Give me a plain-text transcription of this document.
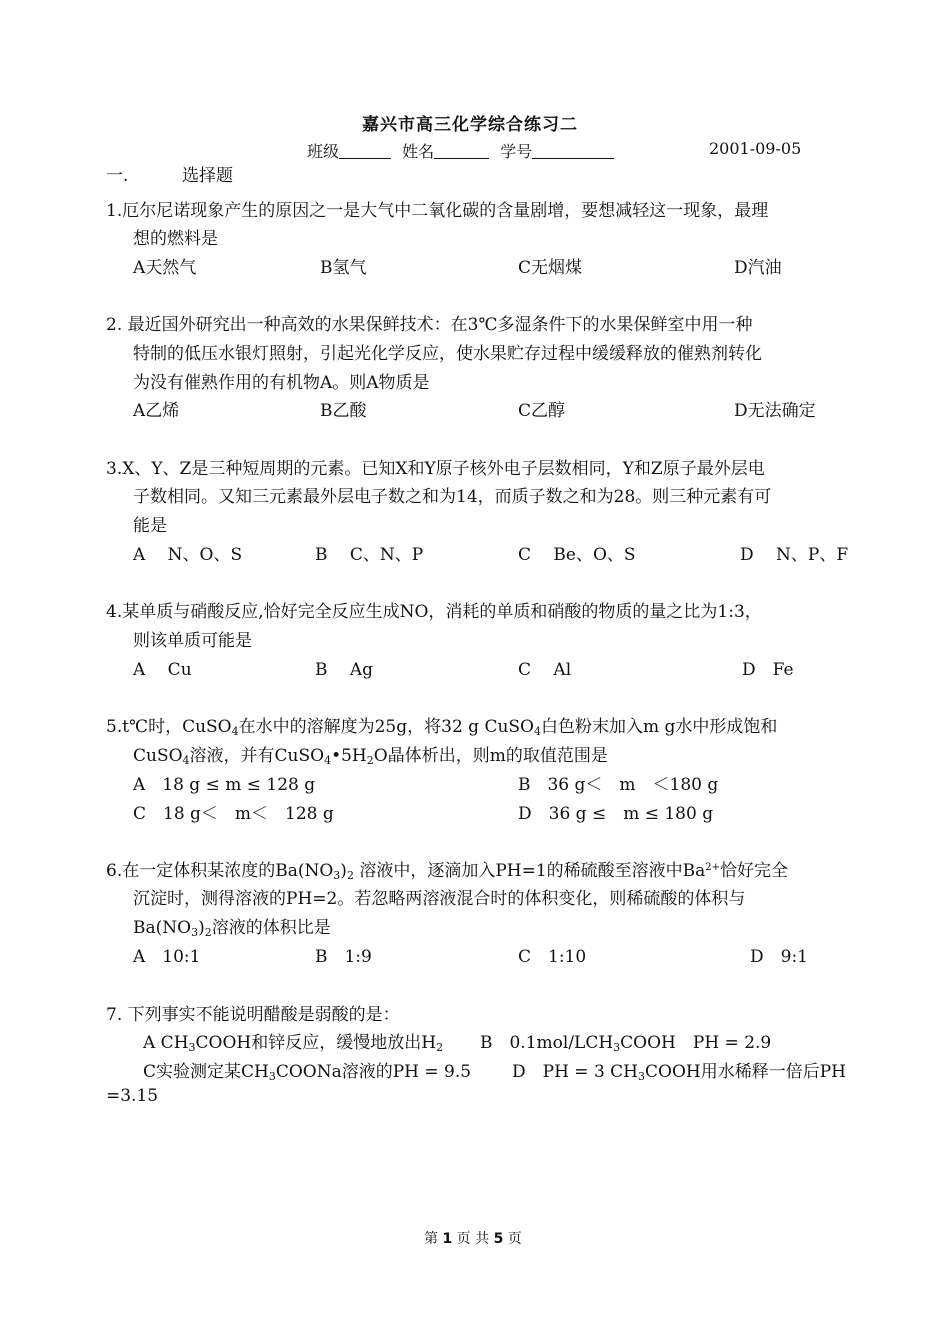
嘉兴市高三化学综合练习二
班级	姓名	学号	2001-09-05
一.	选择题
1.厄尔尼诺现象产生的原因之一是大气中二氧化碳的含量剧增，要想减轻这一现象，最理
想的燃料是
A天然气	B氢气	C无烟煤	D汽油
2. 最近国外研究出一种高效的水果保鲜技术：在3℃多湿条件下的水果保鲜室中用一种
特制的低压水银灯照射，引起光化学反应，使水果贮存过程中缓缓释放的催熟剂转化
为没有催熟作用的有机物A。则A物质是
A乙烯	B乙酸	C乙醇	D无法确定
3.X、Y、Z是三种短周期的元素。已知X和Y原子核外电子层数相同，Y和Z原子最外层电
子数相同。又知三元素最外层电子数之和为14，而质子数之和为28。则三种元素有可
能是
A　 N、O、S	B　 C、N、P	C　 Be、O、S	D　 N、P、F
4.某单质与硝酸反应,恰好完全反应生成NO，消耗的单质和硝酸的物质的量之比为1:3，
则该单质可能是
A　 Cu	B　 Ag	C　 Al	D　Fe
5.t℃时，CuSO$_4$在水中的溶解度为25g，将32 g CuSO$_4$白色粉末加入m g水中形成饱和
CuSO$_4$溶液，并有$CuSO_4•5H_2O$晶体析出，则m的取值范围是
A　18 g ≤ m ≤ 128 g	B　36 g＜　m　＜180 g
C　18 g＜　m＜　128 g	D　36 g ≤　m ≤ 180 g
6.在一定体积某浓度的$Ba(NO_3)_2$ 溶液中，逐滴加入PH=1的稀硫酸至溶液中$Ba^{2+}$恰好完全
沉淀时，测得溶液的PH=2。若忽略两溶液混合时的体积变化，则稀硫酸的体积与
$Ba(NO_3)_2$溶液的体积比是
A　10:1	B　1:9	C　1:10	D　9:1
7. 下列事实不能说明醋酸是弱酸的是：
A $CH_3COOH$和锌反应，缓慢地放出$H_2$ B　$0.1mol/LCH_3COOH$　PH = 2.9
C实验测定某$CH_3COONa$溶液的PH = 9.5 D　PH = 3 $CH_3COOH$用水稀释一倍后PH
=3.15
第 1 页 共 5 页
